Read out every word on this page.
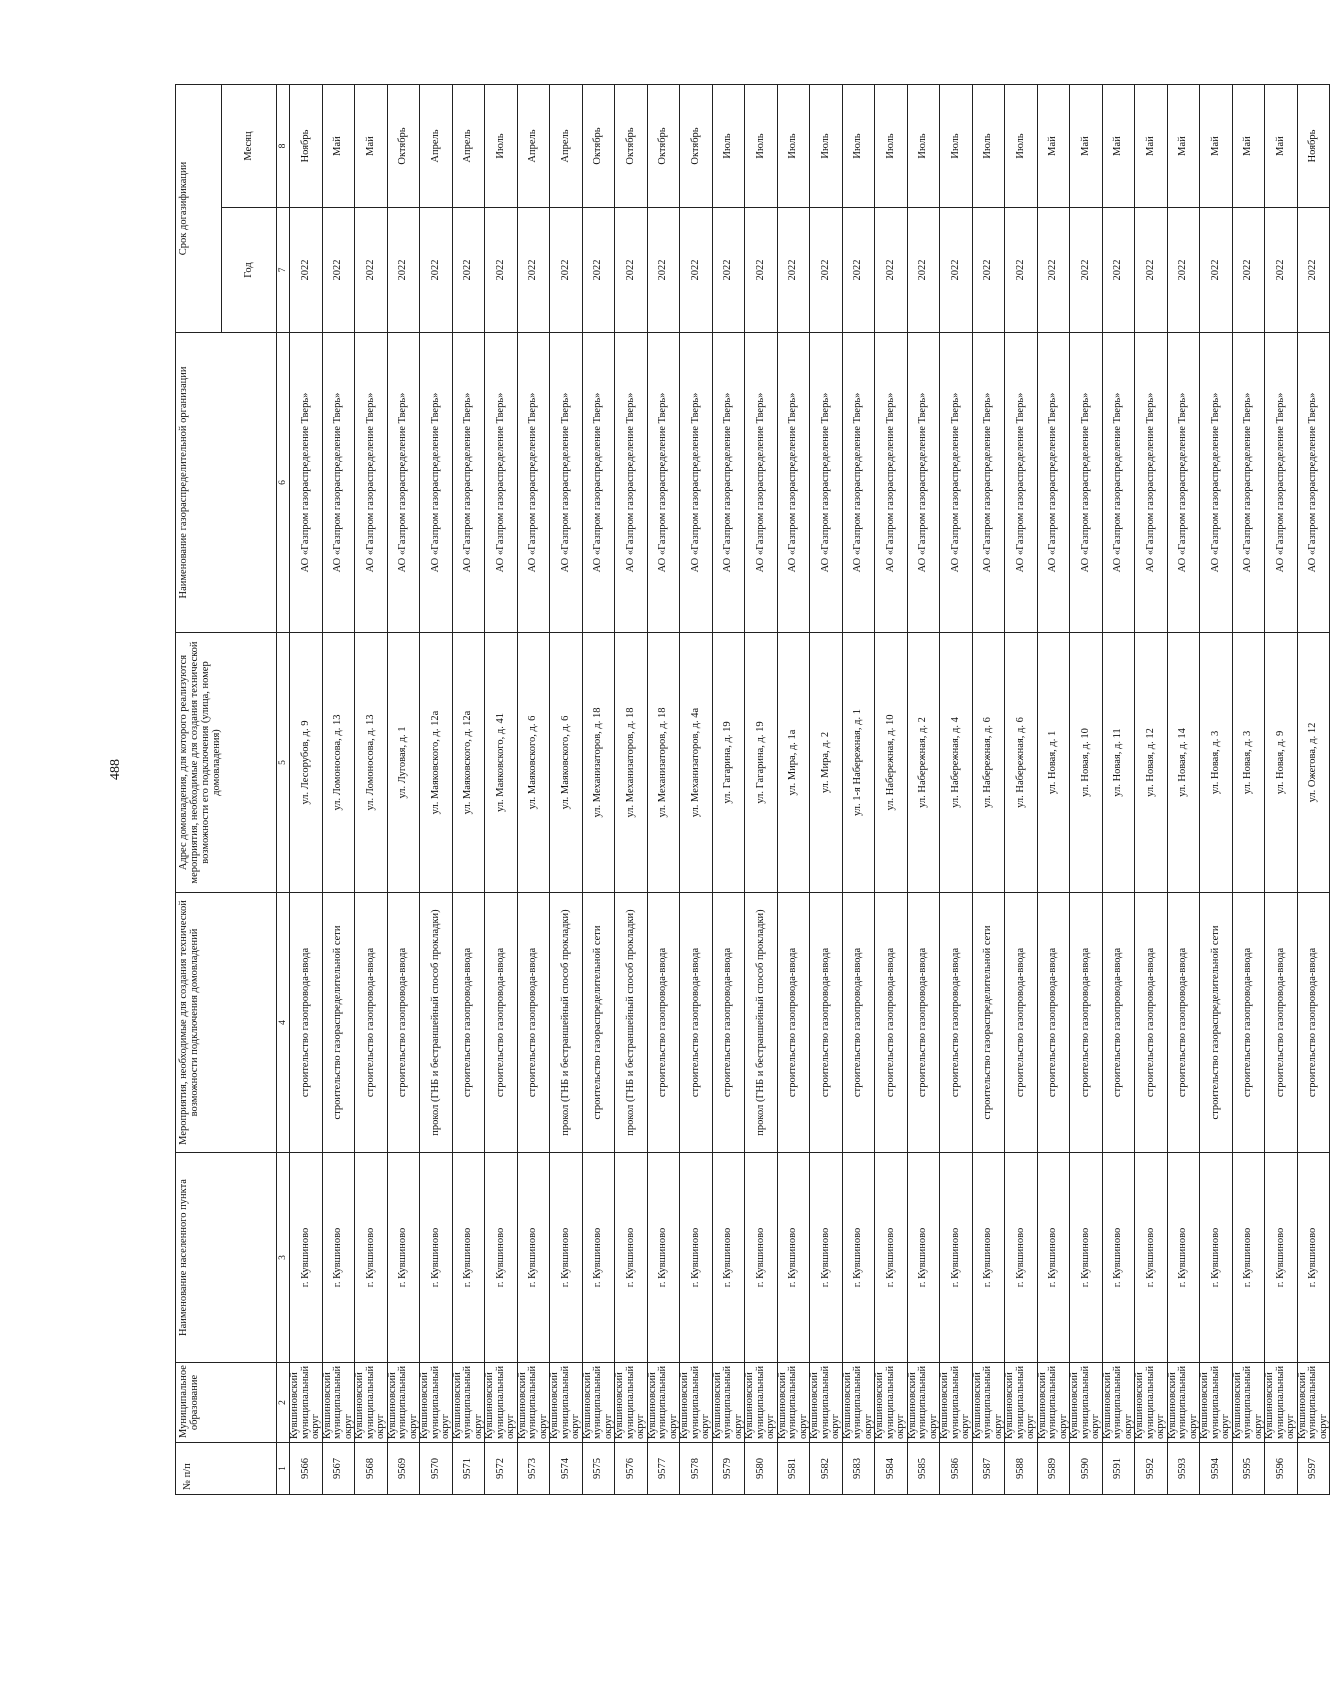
488
№ п/п	Муниципальное образование	Наименование населенного пункта	Мероприятия, необходимые для создания технической возможности подключения домовладений	Адрес домовладения, для которого реализуются мероприятия, необходимые для создания технической возможности его подключения (улица, номер домовладения)	Наименование газораспределительной организации	Срок догазификации	
						Год	Месяц
1	2	3	4	5	6	7	8
9566	Кувшиновский муниципальный округ	г. Кувшиново	строительство газопровода-ввода	ул. Лесорубов, д. 9	АО «Газпром газораспределение Тверь»	2022	Ноябрь
9567	Кувшиновский муниципальный округ	г. Кувшиново	строительство газораспределительной сети	ул. Ломоносова, д. 13	АО «Газпром газораспределение Тверь»	2022	Май
9568	Кувшиновский муниципальный округ	г. Кувшиново	строительство газопровода-ввода	ул. Ломоносова, д. 13	АО «Газпром газораспределение Тверь»	2022	Май
9569	Кувшиновский муниципальный округ	г. Кувшиново	строительство газопровода-ввода	ул. Луговая, д. 1	АО «Газпром газораспределение Тверь»	2022	Октябрь
9570	Кувшиновский муниципальный округ	г. Кувшиново	прокол (ГНБ и бестраншейный способ прокладки)	ул. Маяковского, д. 12а	АО «Газпром газораспределение Тверь»	2022	Апрель
9571	Кувшиновский муниципальный округ	г. Кувшиново	строительство газопровода-ввода	ул. Маяковского, д. 12а	АО «Газпром газораспределение Тверь»	2022	Апрель
9572	Кувшиновский муниципальный округ	г. Кувшиново	строительство газопровода-ввода	ул. Маяковского, д. 41	АО «Газпром газораспределение Тверь»	2022	Июль
9573	Кувшиновский муниципальный округ	г. Кувшиново	строительство газопровода-ввода	ул. Маяковского, д. 6	АО «Газпром газораспределение Тверь»	2022	Апрель
9574	Кувшиновский муниципальный округ	г. Кувшиново	прокол (ГНБ и бестраншейный способ прокладки)	ул. Маяковского, д. 6	АО «Газпром газораспределение Тверь»	2022	Апрель
9575	Кувшиновский муниципальный округ	г. Кувшиново	строительство газораспределительной сети	ул. Механизаторов, д. 18	АО «Газпром газораспределение Тверь»	2022	Октябрь
9576	Кувшиновский муниципальный округ	г. Кувшиново	прокол (ГНБ и бестраншейный способ прокладки)	ул. Механизаторов, д. 18	АО «Газпром газораспределение Тверь»	2022	Октябрь
9577	Кувшиновский муниципальный округ	г. Кувшиново	строительство газопровода-ввода	ул. Механизаторов, д. 18	АО «Газпром газораспределение Тверь»	2022	Октябрь
9578	Кувшиновский муниципальный округ	г. Кувшиново	строительство газопровода-ввода	ул. Механизаторов, д. 4а	АО «Газпром газораспределение Тверь»	2022	Октябрь
9579	Кувшиновский муниципальный округ	г. Кувшиново	строительство газопровода-ввода	ул. Гагарина, д. 19	АО «Газпром газораспределение Тверь»	2022	Июль
9580	Кувшиновский муниципальный округ	г. Кувшиново	прокол (ГНБ и бестраншейный способ прокладки)	ул. Гагарина, д. 19	АО «Газпром газораспределение Тверь»	2022	Июль
9581	Кувшиновский муниципальный округ	г. Кувшиново	строительство газопровода-ввода	ул. Мира, д. 1а	АО «Газпром газораспределение Тверь»	2022	Июль
9582	Кувшиновский муниципальный округ	г. Кувшиново	строительство газопровода-ввода	ул. Мира, д. 2	АО «Газпром газораспределение Тверь»	2022	Июль
9583	Кувшиновский муниципальный округ	г. Кувшиново	строительство газопровода-ввода	ул. 1-я Набережная, д. 1	АО «Газпром газораспределение Тверь»	2022	Июль
9584	Кувшиновский муниципальный округ	г. Кувшиново	строительство газопровода-ввода	ул. Набережная, д. 10	АО «Газпром газораспределение Тверь»	2022	Июль
9585	Кувшиновский муниципальный округ	г. Кувшиново	строительство газопровода-ввода	ул. Набережная, д. 2	АО «Газпром газораспределение Тверь»	2022	Июль
9586	Кувшиновский муниципальный округ	г. Кувшиново	строительство газопровода-ввода	ул. Набережная, д. 4	АО «Газпром газораспределение Тверь»	2022	Июль
9587	Кувшиновский муниципальный округ	г. Кувшиново	строительство газораспределительной сети	ул. Набережная, д. 6	АО «Газпром газораспределение Тверь»	2022	Июль
9588	Кувшиновский муниципальный округ	г. Кувшиново	строительство газопровода-ввода	ул. Набережная, д. 6	АО «Газпром газораспределение Тверь»	2022	Июль
9589	Кувшиновский муниципальный округ	г. Кувшиново	строительство газопровода-ввода	ул. Новая, д. 1	АО «Газпром газораспределение Тверь»	2022	Май
9590	Кувшиновский муниципальный округ	г. Кувшиново	строительство газопровода-ввода	ул. Новая, д. 10	АО «Газпром газораспределение Тверь»	2022	Май
9591	Кувшиновский муниципальный округ	г. Кувшиново	строительство газопровода-ввода	ул. Новая, д. 11	АО «Газпром газораспределение Тверь»	2022	Май
9592	Кувшиновский муниципальный округ	г. Кувшиново	строительство газопровода-ввода	ул. Новая, д. 12	АО «Газпром газораспределение Тверь»	2022	Май
9593	Кувшиновский муниципальный округ	г. Кувшиново	строительство газопровода-ввода	ул. Новая, д. 14	АО «Газпром газораспределение Тверь»	2022	Май
9594	Кувшиновский муниципальный округ	г. Кувшиново	строительство газораспределительной сети	ул. Новая, д. 3	АО «Газпром газораспределение Тверь»	2022	Май
9595	Кувшиновский муниципальный округ	г. Кувшиново	строительство газопровода-ввода	ул. Новая, д. 3	АО «Газпром газораспределение Тверь»	2022	Май
9596	Кувшиновский муниципальный округ	г. Кувшиново	строительство газопровода-ввода	ул. Новая, д. 9	АО «Газпром газораспределение Тверь»	2022	Май
9597	Кувшиновский муниципальный округ	г. Кувшиново	строительство газопровода-ввода	ул. Ожегова, д. 12	АО «Газпром газораспределение Тверь»	2022	Ноябрь
